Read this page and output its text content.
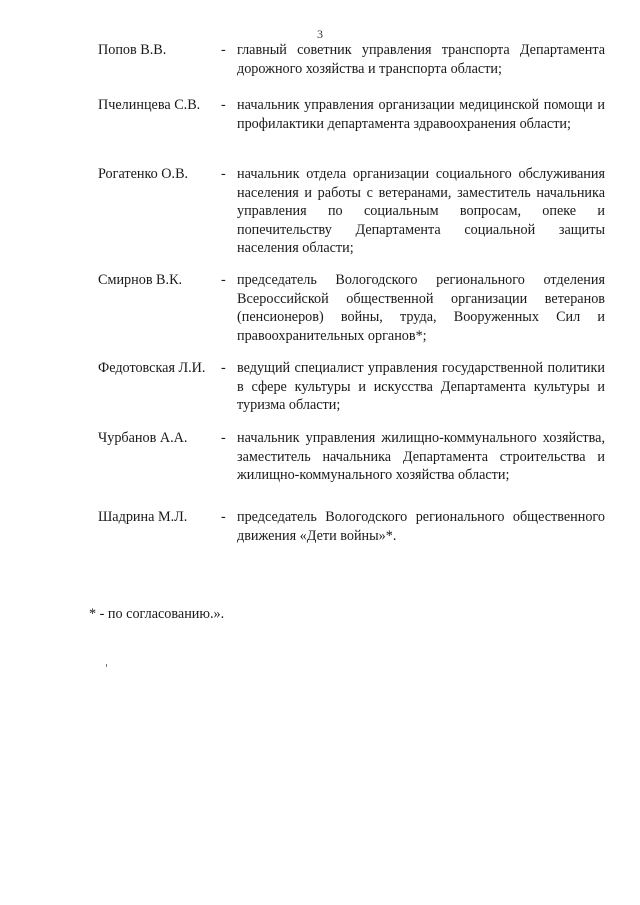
3
Попов В.В.	- главный советник управления транспорта Департамента дорожного хозяйства и транспорта области;
Пчелинцева С.В. - начальник управления организации медицинской помощи и профилактики департамента здравоохранения области;
Рогатенко О.В. - начальник отдела организации социального обслуживания населения и работы с ветеранами, заместитель начальника управления по социальным вопросам, опеке и попечительству Департамента социальной защиты населения области;
Смирнов В.К.	- председатель Вологодского регионального отделения Всероссийской общественной организации ветеранов (пенсионеров) войны, труда, Вооруженных Сил и правоохранительных органов*;
Федотовская Л.И. - ведущий специалист управления государственной политики в сфере культуры и искусства Департамента культуры и туризма области;
Чурбанов А.А. - начальник управления жилищно-коммунального хозяйства, заместитель начальника Департамента строительства и жилищно-коммунального хозяйства области;
Шадрина М.Л. - председатель Вологодского регионального общественного движения «Дети войны»*.
* - по согласованию.».
